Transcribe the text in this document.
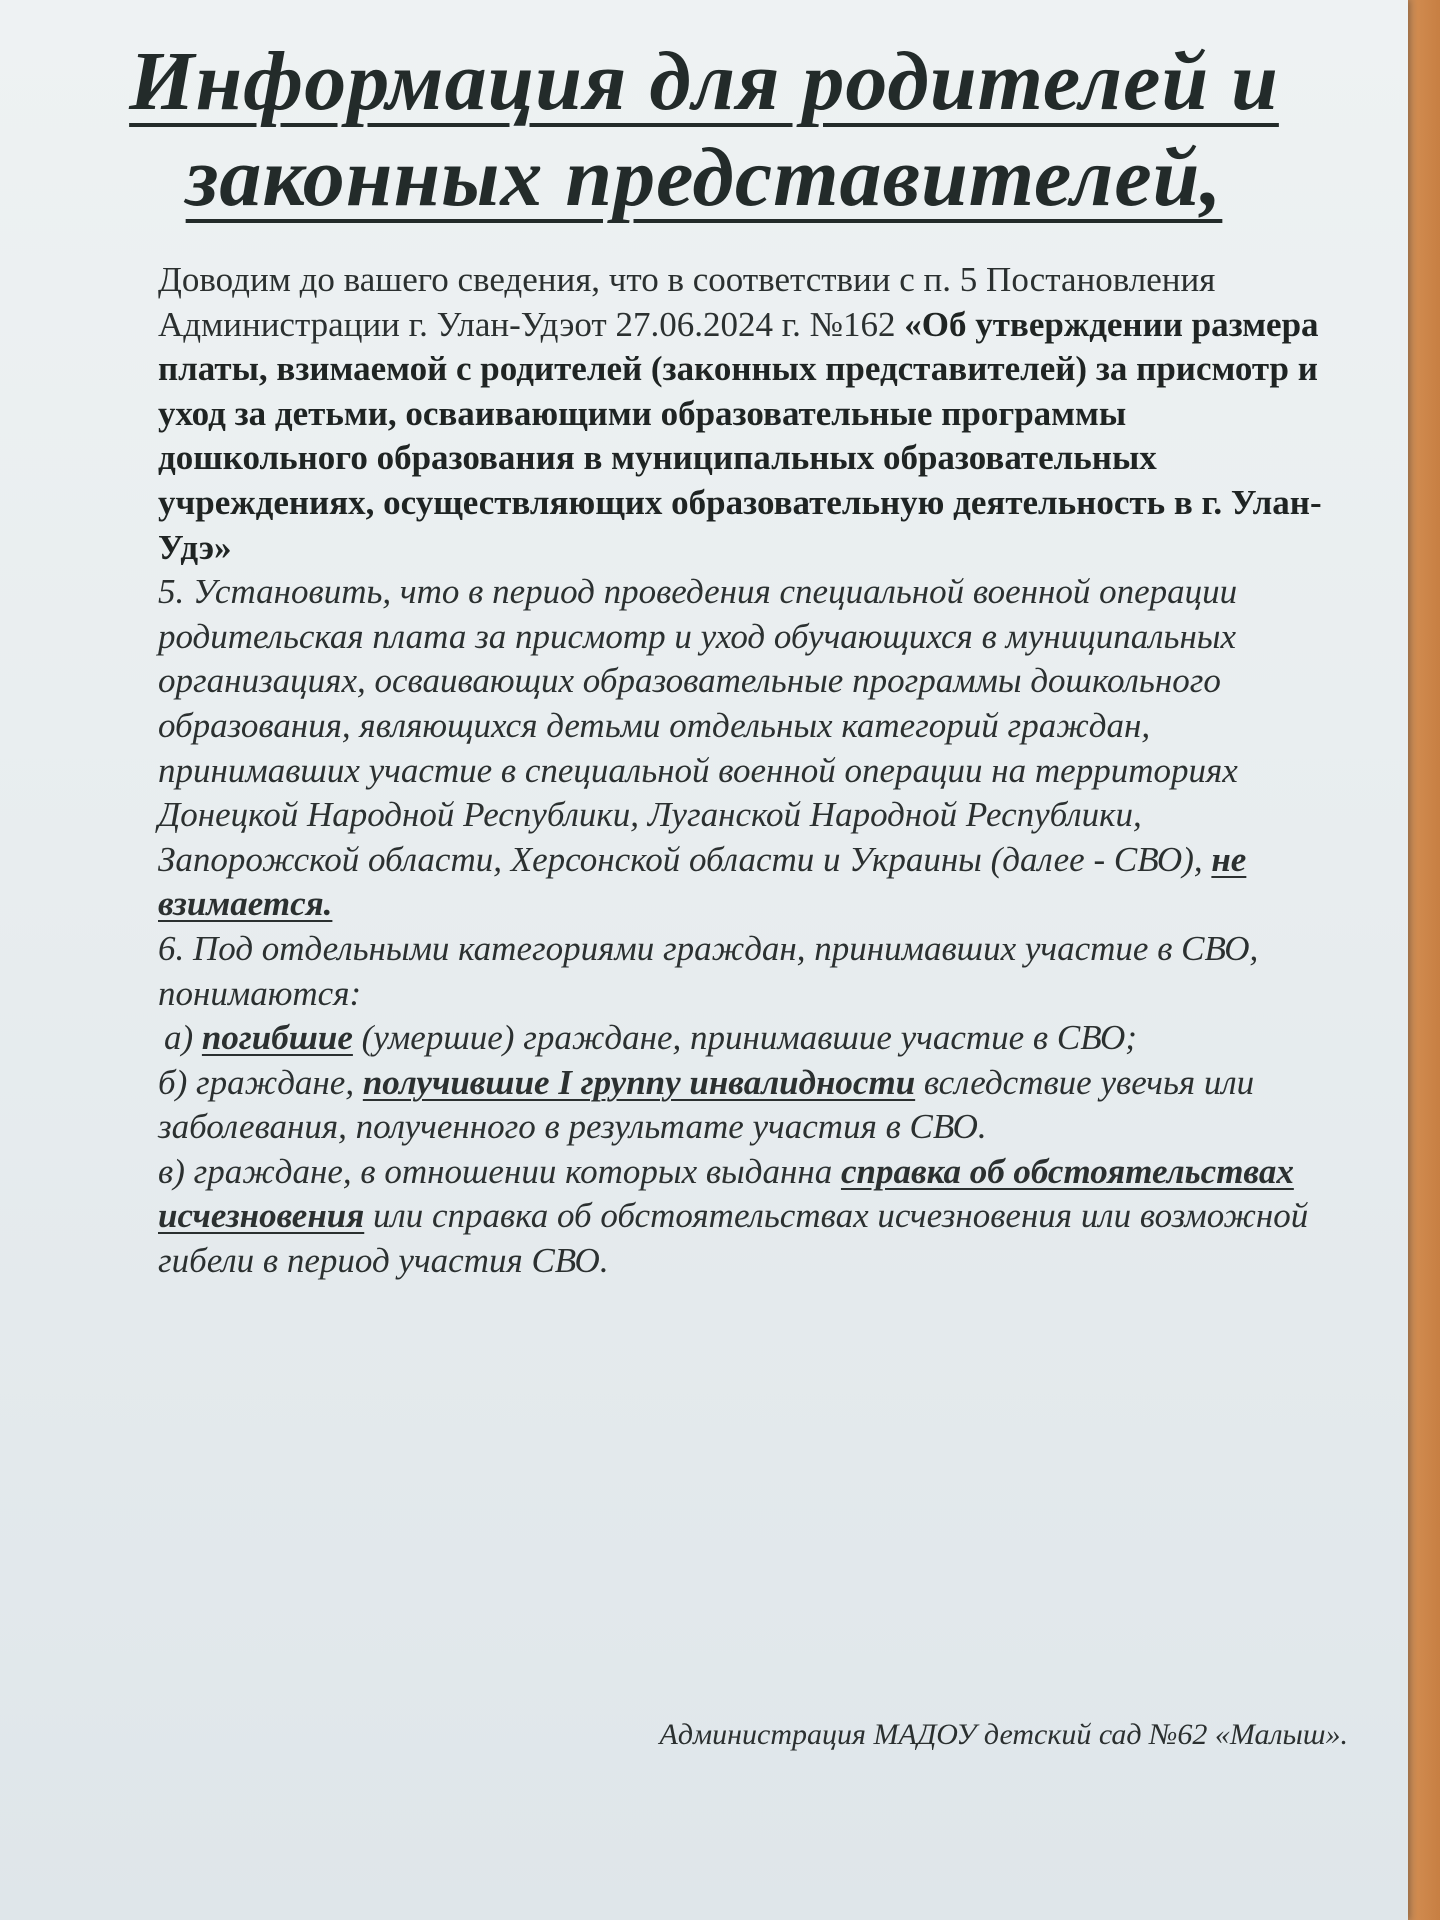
Информация для родителей и
законных представителей,

Доводим до вашего сведения, что в соответствии с п. 5 Постановления Администрации г. Улан-Удэот 27.06.2024 г. №162 «Об утверждении размера платы, взимаемой с родителей (законных представителей) за присмотр и уход за детьми, осваивающими образовательные программы дошкольного образования в муниципальных образовательных учреждениях, осуществляющих образовательную деятельность в г. Улан-Удэ»

5. Установить, что в период проведения специальной военной операции родительская плата за присмотр и уход обучающихся в муниципальных организациях, осваивающих образовательные программы дошкольного образования, являющихся детьми отдельных категорий граждан, принимавших участие в специальной военной операции на территориях Донецкой Народной Республики, Луганской Народной Республики, Запорожской области, Херсонской области и Украины (далее - СВО), не взимается.

6. Под отдельными категориями граждан, принимавших участие в СВО, понимаются:

а) погибшие (умершие) граждане, принимавшие участие в СВО;

б) граждане, получившие I группу инвалидности вследствие увечья или заболевания, полученного в результате участия в СВО.

в) граждане, в отношении которых выданна справка об обстоятельствах исчезновения или справка об обстоятельствах исчезновения или возможной гибели в период участия СВО.

Администрация МАДОУ детский сад №62 «Малыш».
